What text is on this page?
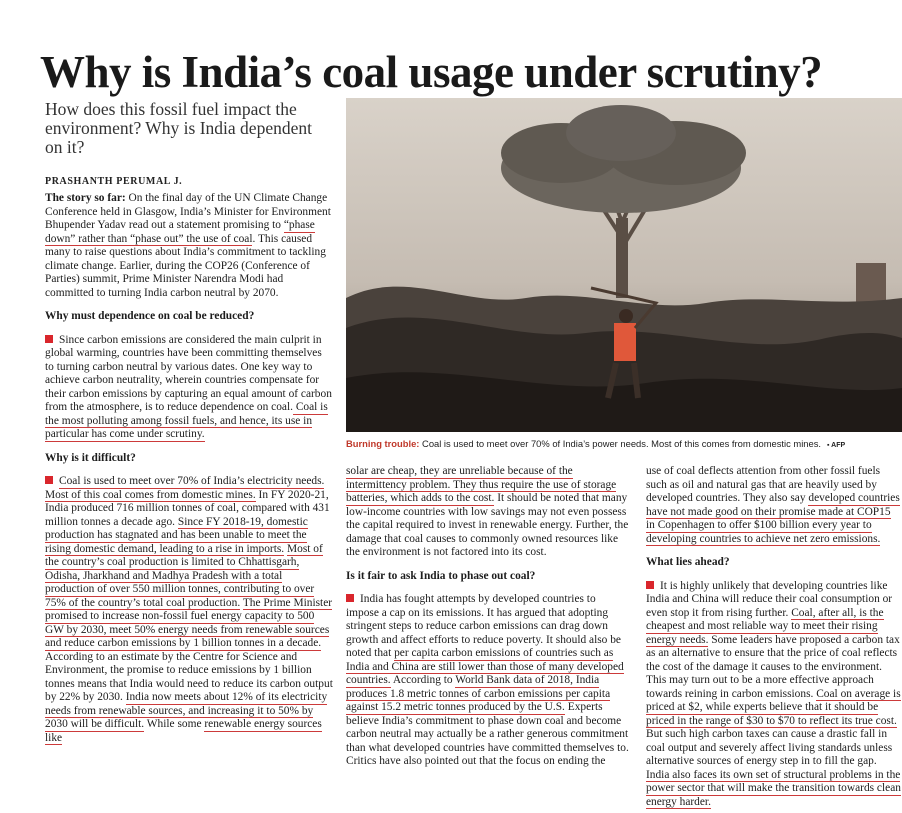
Why is India’s coal usage under scrutiny?
How does this fossil fuel impact the environment? Why is India dependent on it?
PRASHANTH PERUMAL J.

The story so far: On the final day of the UN Climate Change Conference held in Glasgow, India’s Minister for Environment Bhupender Yadav read out a statement promising to “phase down” rather than “phase out” the use of coal. This caused many to raise questions about India’s commitment to tackling climate change. Earlier, during the COP26 (Conference of Parties) summit, Prime Minister Narendra Modi had committed to turning India carbon neutral by 2070.

Why must dependence on coal be reduced?

Since carbon emissions are considered the main culprit in global warming, countries have been committing themselves to turning carbon neutral by various dates. One key way to achieve carbon neutrality, wherein countries compensate for their carbon emissions by capturing an equal amount of carbon from the atmosphere, is to reduce dependence on coal. Coal is the most polluting among fossil fuels, and hence, its use in particular has come under scrutiny.

Why is it difficult?

Coal is used to meet over 70% of India’s electricity needs. Most of this coal comes from domestic mines. In FY 2020-21, India produced 716 million tonnes of coal, compared with 431 million tonnes a decade ago. Since FY 2018-19, domestic production has stagnated and has been unable to meet the rising domestic demand, leading to a rise in imports. Most of the country’s coal production is limited to Chhattisgarh, Odisha, Jharkhand and Madhya Pradesh with a total production of over 550 million tonnes, contributing to over 75% of the country’s total coal production. The Prime Minister promised to increase non-fossil fuel energy capacity to 500 GW by 2030, meet 50% energy needs from renewable sources and reduce carbon emissions by 1 billion tonnes in a decade. According to an estimate by the Centre for Science and Environment, the promise to reduce emissions by 1 billion tonnes means that India would need to reduce its carbon output by 22% by 2030. India now meets about 12% of its electricity needs from renewable sources, and increasing it to 50% by 2030 will be difficult. While some renewable energy sources like

Burning trouble: Coal is used to meet over 70% of India’s power needs. Most of this comes from domestic mines. ▪ AFP

solar are cheap, they are unreliable because of the intermittency problem. They thus require the use of storage batteries, which adds to the cost. It should be noted that many low-income countries with low savings may not even possess the capital required to invest in renewable energy. Further, the damage that coal causes to commonly owned resources like the environment is not factored into its cost.

Is it fair to ask India to phase out coal?

India has fought attempts by developed countries to impose a cap on its emissions. It has argued that adopting stringent steps to reduce carbon emissions can drag down growth and affect efforts to reduce poverty. It should also be noted that per capita carbon emissions of countries such as India and China are still lower than those of many developed countries. According to World Bank data of 2018, India produces 1.8 metric tonnes of carbon emissions per capita against 15.2 metric tonnes produced by the U.S. Experts believe India’s commitment to phase down coal and become carbon neutral may actually be a rather generous commitment than what developed countries have committed themselves to. Critics have also pointed out that the focus on ending the

use of coal deflects attention from other fossil fuels such as oil and natural gas that are heavily used by developed countries. They also say developed countries have not made good on their promise made at COP15 in Copenhagen to offer $100 billion every year to developing countries to achieve net zero emissions.

What lies ahead?

It is highly unlikely that developing countries like India and China will reduce their coal consumption or even stop it from rising further. Coal, after all, is the cheapest and most reliable way to meet their rising energy needs. Some leaders have proposed a carbon tax as an alternative to ensure that the price of coal reflects the cost of the damage it causes to the environment. This may turn out to be a more effective approach towards reining in carbon emissions. Coal on average is priced at $2, while experts believe that it should be priced in the range of $30 to $70 to reflect its true cost. But such high carbon taxes can cause a drastic fall in coal output and severely affect living standards unless alternative sources of energy step in to fill the gap. India also faces its own set of structural problems in the power sector that will make the transition towards clean energy harder.
